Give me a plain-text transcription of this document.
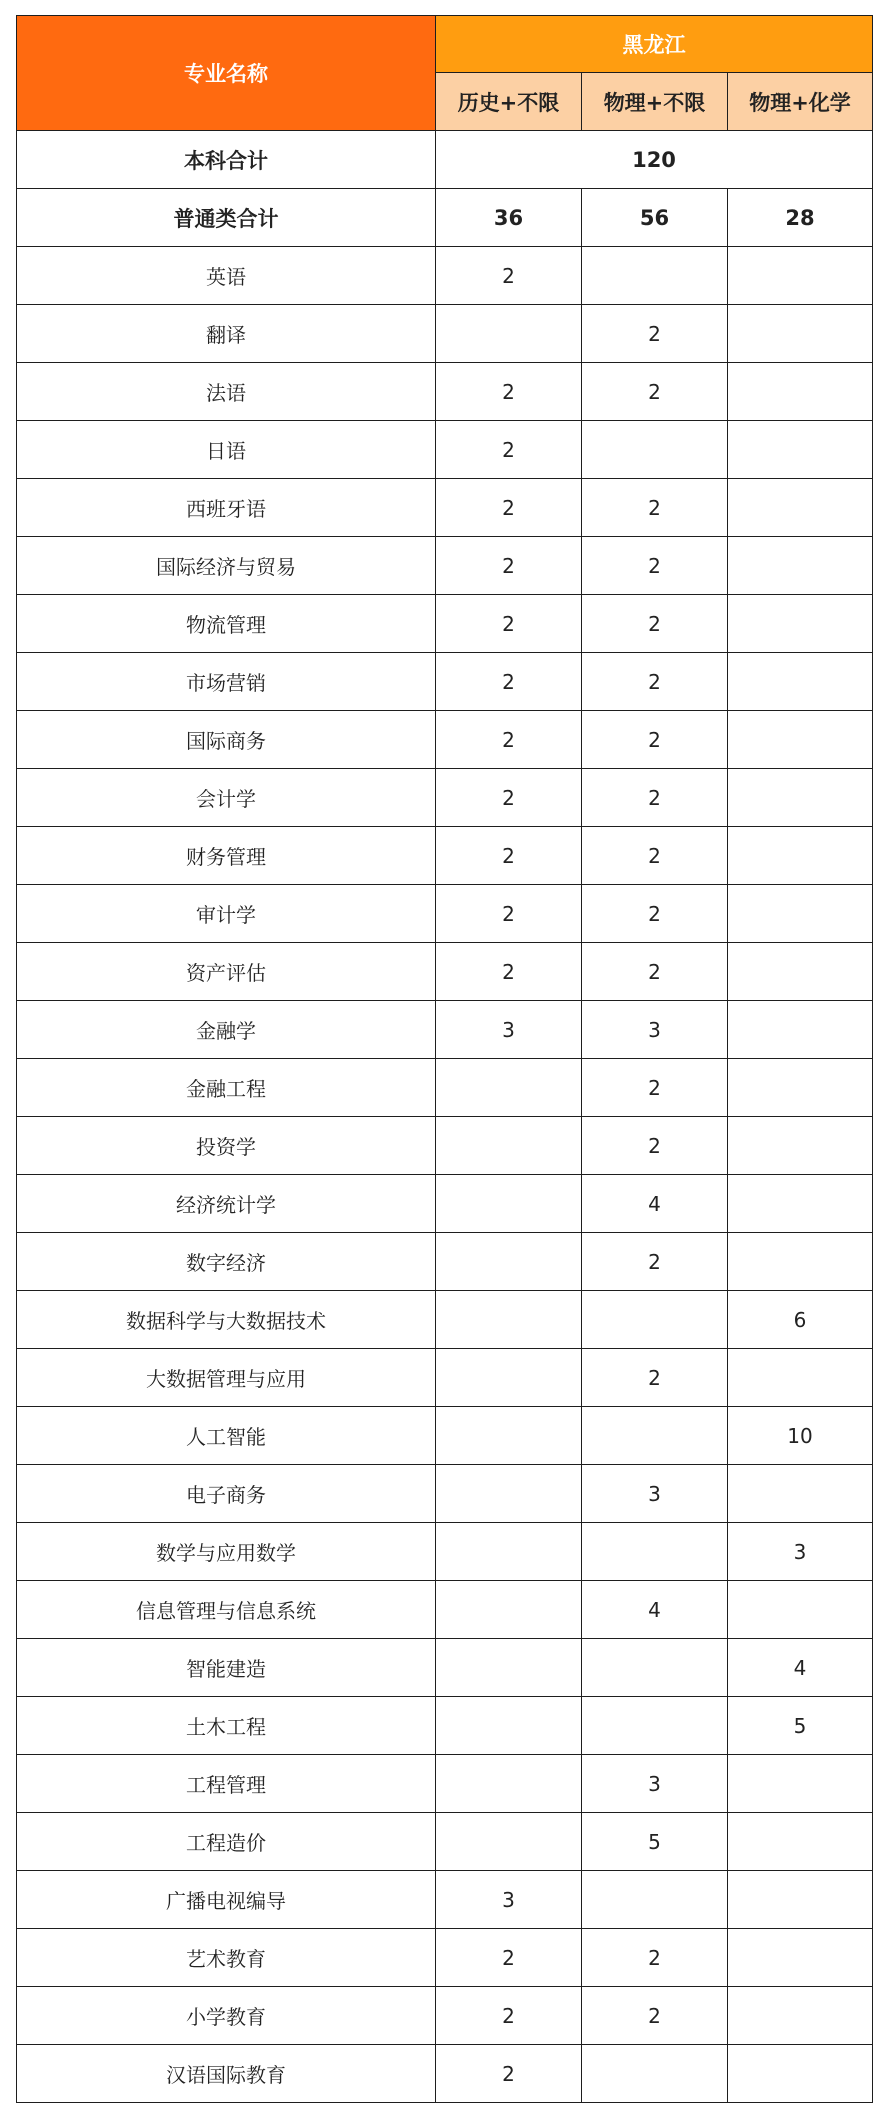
专业名称	黑龙江		
	历史+不限	物理+不限	物理+化学
本科合计	120		
普通类合计	36	56	28
英语	2		
翻译		2	
法语	2	2	
日语	2		
西班牙语	2	2	
国际经济与贸易	2	2	
物流管理	2	2	
市场营销	2	2	
国际商务	2	2	
会计学	2	2	
财务管理	2	2	
审计学	2	2	
资产评估	2	2	
金融学	3	3	
金融工程		2	
投资学		2	
经济统计学		4	
数字经济		2	
数据科学与大数据技术			6
大数据管理与应用		2	
人工智能			10
电子商务		3	
数学与应用数学			3
信息管理与信息系统		4	
智能建造			4
土木工程			5
工程管理		3	
工程造价		5	
广播电视编导	3		
艺术教育	2	2	
小学教育	2	2	
汉语国际教育	2		
